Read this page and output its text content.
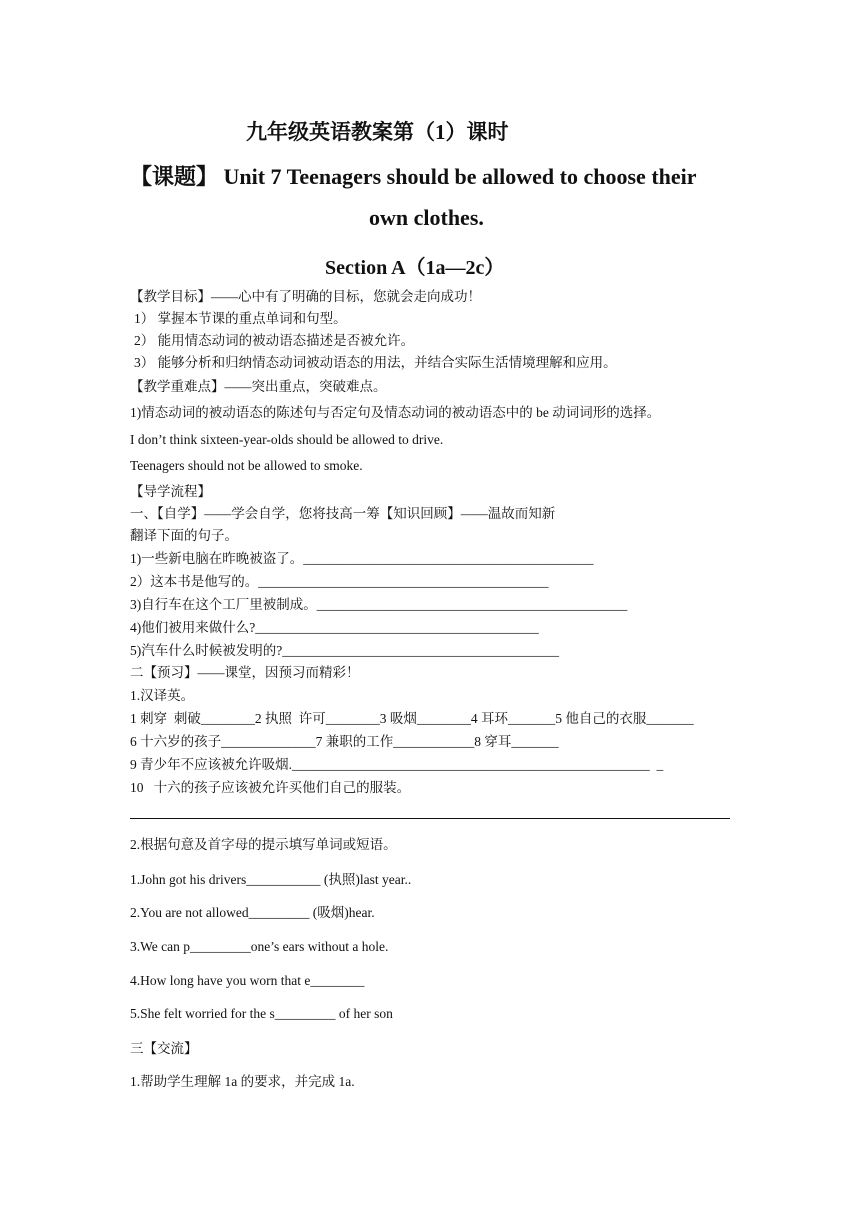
九年级英语教案第（1）课时
【课题】 Unit 7 Teenagers should be allowed to choose their
own clothes.
Section A（1a—2c）
【教学目标】——心中有了明确的目标，您就会走向成功！
1） 掌握本节课的重点单词和句型。
2） 能用情态动词的被动语态描述是否被允许。
3） 能够分析和归纳情态动词被动语态的用法，并结合实际生活情境理解和应用。
【教学重难点】——突出重点，突破难点。
1)情态动词的被动语态的陈述句与否定句及情态动词的被动语态中的 be 动词词形的选择。
I don’t think sixteen-year-olds should be allowed to drive.
Teenagers should not be allowed to smoke.
【导学流程】
一、【自学】——学会自学，您将技高一筹【知识回顾】——温故而知新
翻译下面的句子。
1)一些新电脑在昨晚被盗了。___________________________________________
2）这本书是他写的。___________________________________________
3)自行车在这个工厂里被制成。______________________________________________
4)他们被用来做什么?__________________________________________
5)汽车什么时候被发明的?_________________________________________
二【预习】——课堂，因预习而精彩！
1.汉译英。
1 刺穿  刺破________2 执照  许可________3 吸烟________4 耳环_______5 他自己的衣服_______
6 十六岁的孩子______________7 兼职的工作____________8 穿耳_______
9 青少年不应该被允许吸烟._____________________________________________________  _
10   十六的孩子应该被允许买他们自己的服装。
2.根据句意及首字母的提示填写单词或短语。
1.John got his drivers___________ (执照)last year..
2.You are not allowed_________ (吸烟)hear.
3.We can p_________one’s ears without a hole.
4.How long have you worn that e________
5.She felt worried for the s_________ of her son
三【交流】
1.帮助学生理解 1a 的要求，并完成 1a.
